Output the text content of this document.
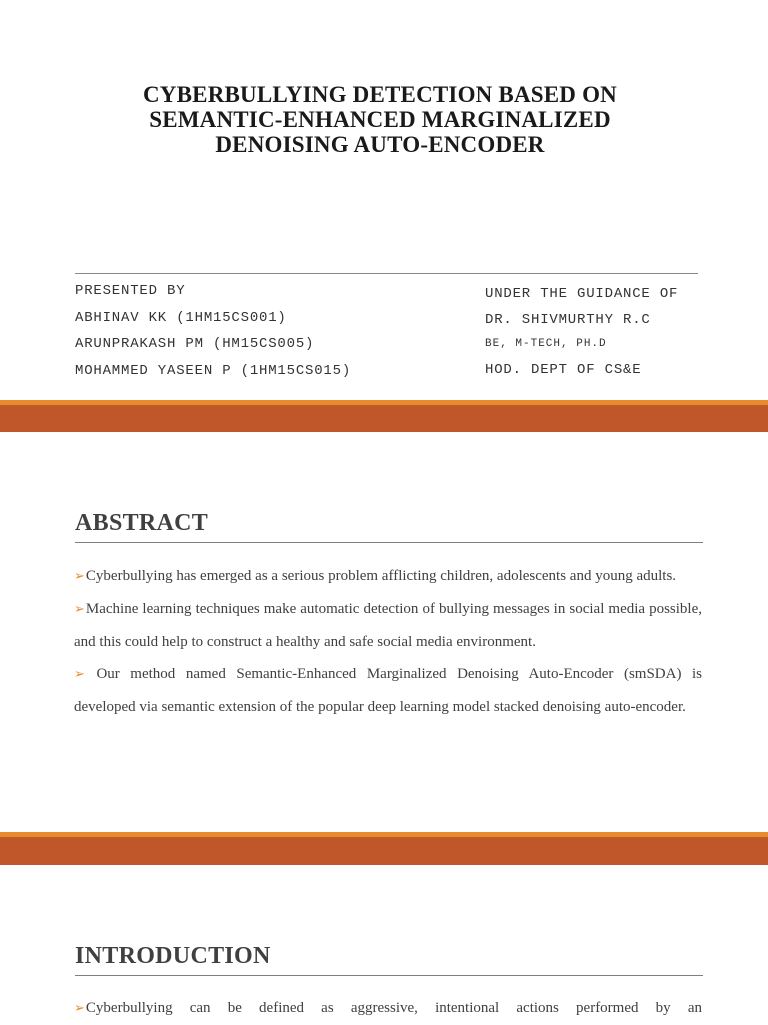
CYBERBULLYING DETECTION BASED ON
SEMANTIC-ENHANCED MARGINALIZED
DENOISING AUTO-ENCODER
PRESENTED BY
ABHINAV KK (1HM15CS001)
ARUNPRAKASH PM (HM15CS005)
MOHAMMED YASEEN P (1HM15CS015)
UNDER THE GUIDANCE OF
DR. SHIVMURTHY R.C
BE, M-TECH, PH.D
HOD. DEPT OF CS&E
ABSTRACT

➢Cyberbullying has emerged as a serious problem afflicting children, adolescents and young adults.

➢Machine learning techniques make automatic detection of bullying messages in social media possible, and this could help to construct a healthy and safe social media environment.

➢ Our method named Semantic-Enhanced Marginalized Denoising Auto-Encoder (smSDA) is developed via semantic extension of the popular deep learning model stacked denoising auto-encoder.

INTRODUCTION

➢Cyberbullying can be defined as aggressive, intentional actions performed by an
